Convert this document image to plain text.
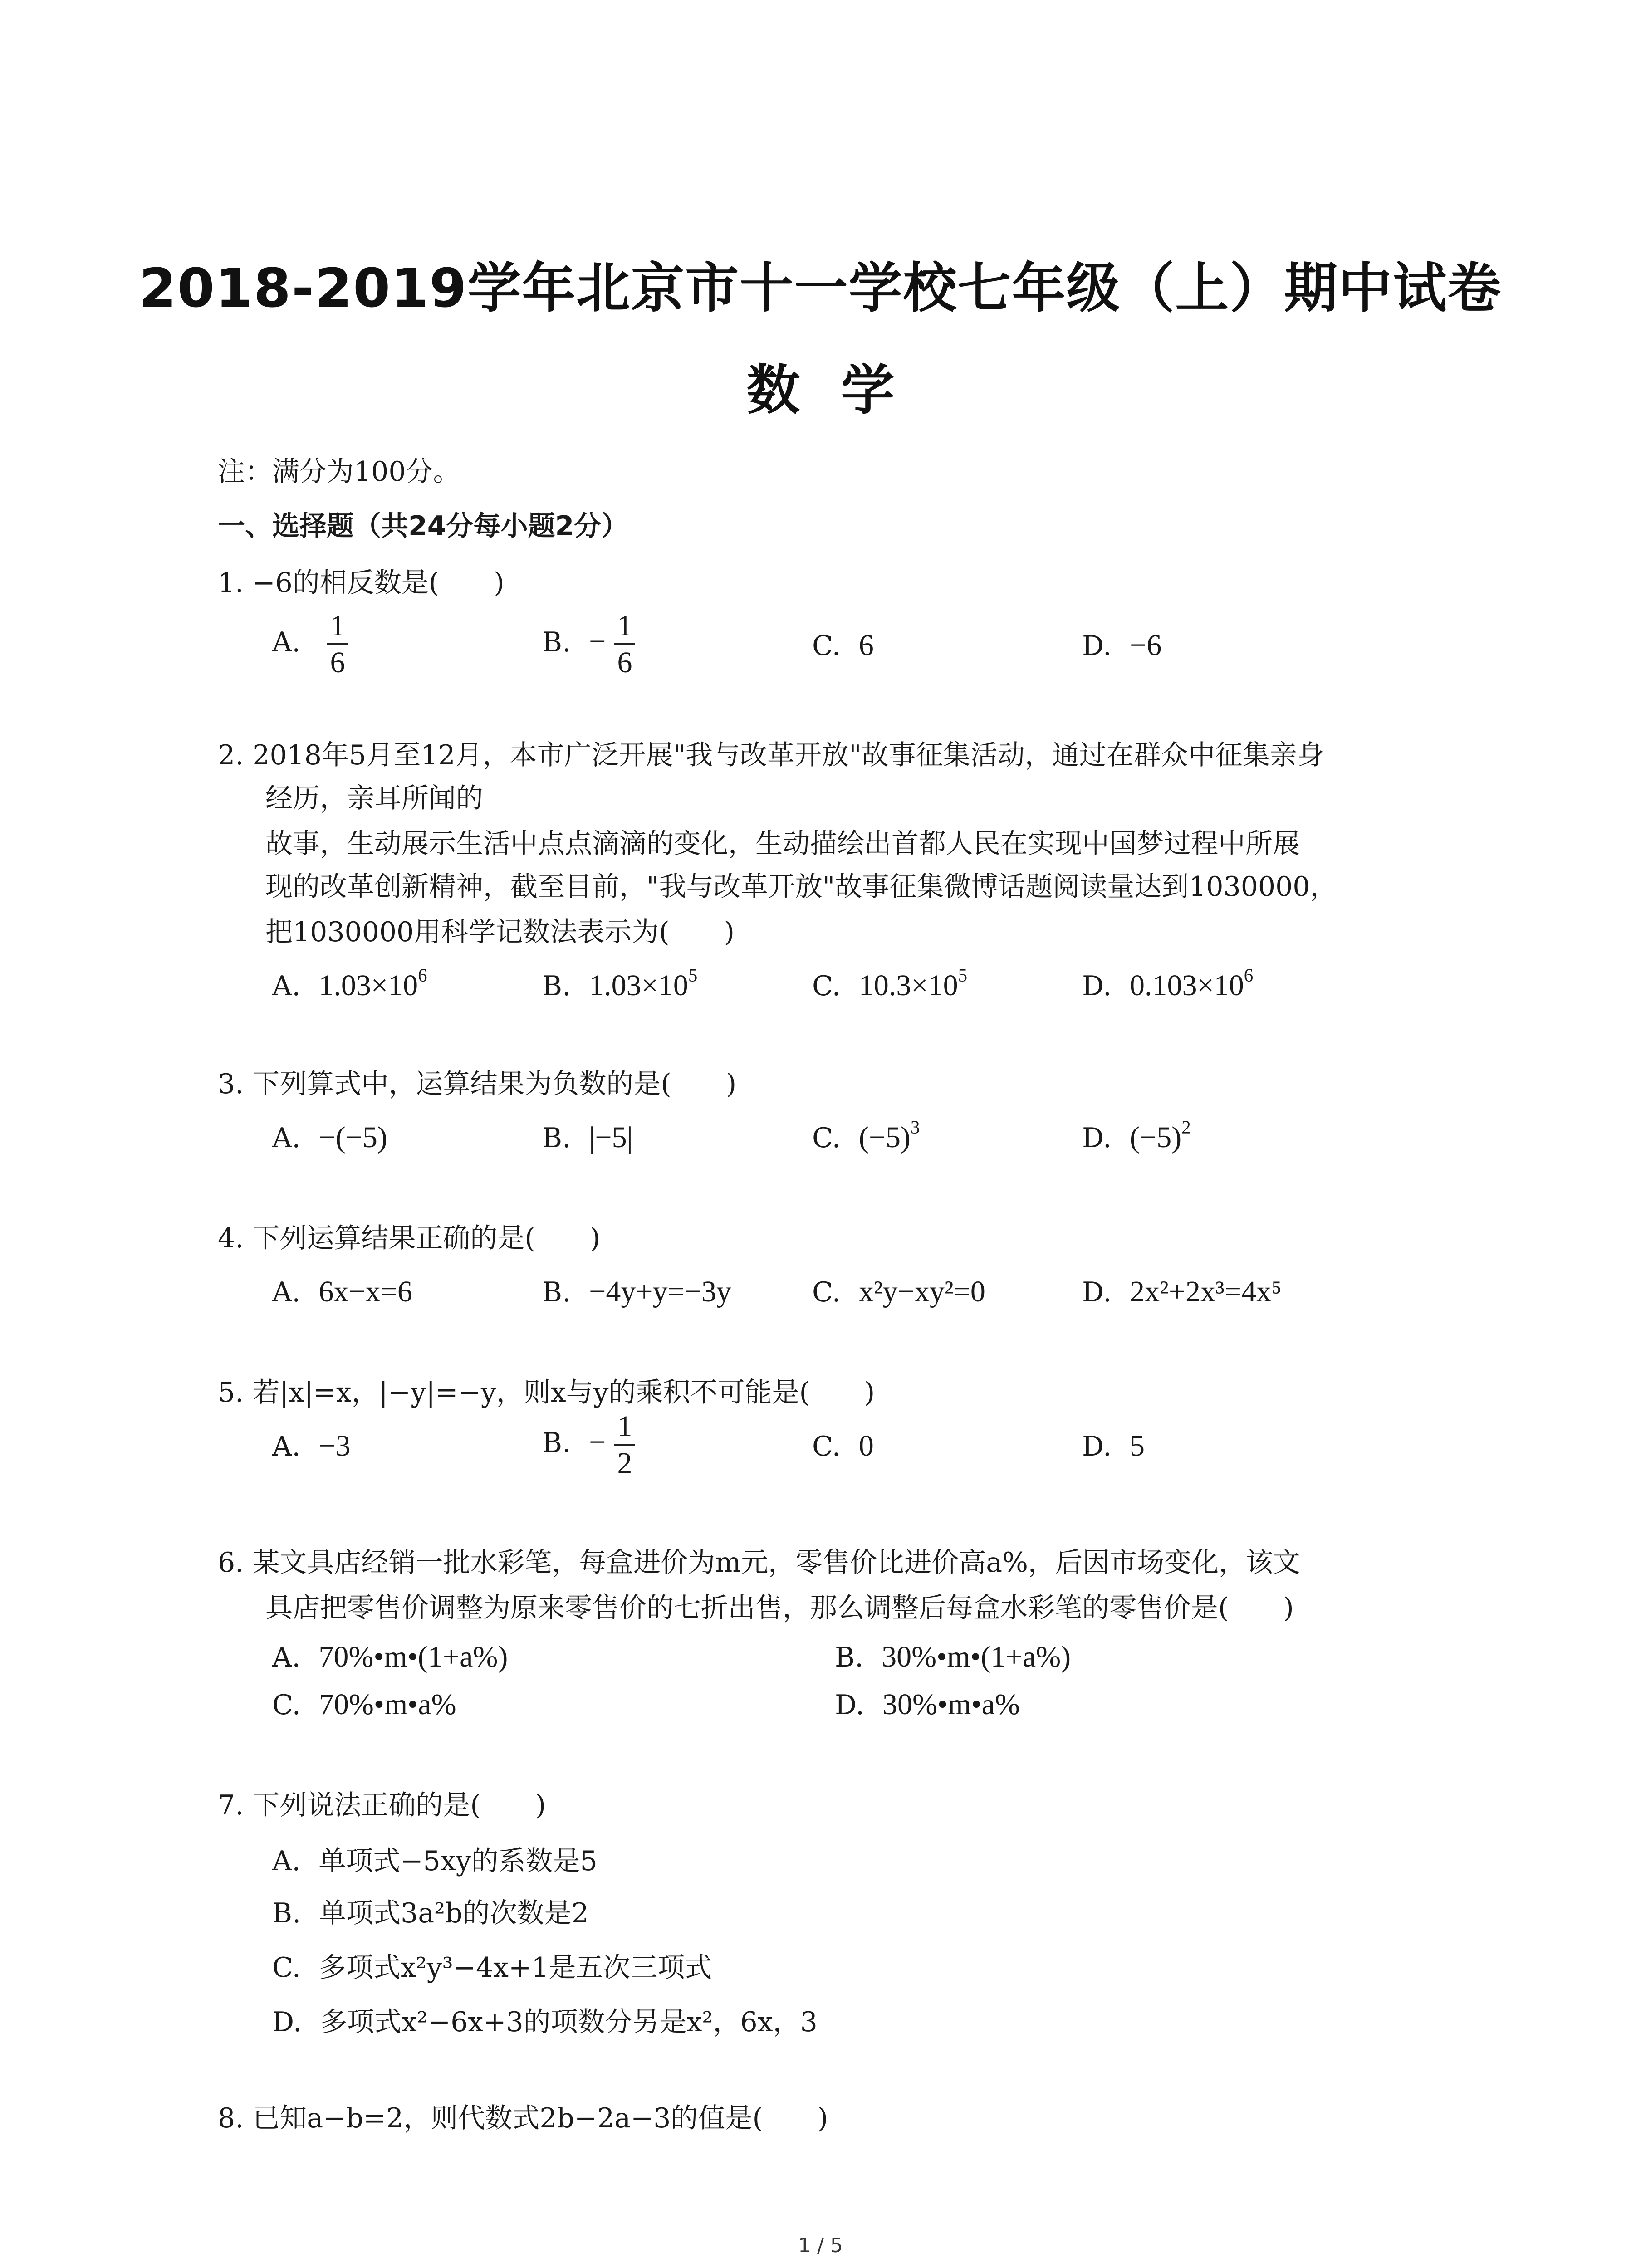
2018-2019学年北京市十一学校七年级（上）期中试卷
数学
注：满分为100分。
一、选择题（共24分每小题2分）
1. −6的相反数是( )
A. $\frac{1}{6}$	B. − $\frac{1}{6}$	C. 6	D. −6
2. 2018年5月至12月，本市广泛开展"我与改革开放"故事征集活动，通过在群众中征集亲身
经历，亲耳所闻的
故事，生动展示生活中点点滴滴的变化，生动描绘出首都人民在实现中国梦过程中所展
现的改革创新精神，截至目前，"我与改革开放"故事征集微博话题阅读量达到1030000，
把1030000用科学记数法表示为( )
A. $1.03\times 10^6$	B. $1.03\times 10^5$	C. $10.3\times 10^5$	D. $0.103\times 10^6$
3. 下列算式中，运算结果为负数的是( )
A. −(−5)	B. |−5|	C. $(-5)^3$	D. $(-5)^2$
4. 下列运算结果正确的是( )
A. 6x−x=6	B. −4y+y=−3y	C. x²y−xy²=0	D. 2x²+2x³=4x⁵
5. 若|x|=x，|−y|=−y，则x与y的乘积不可能是( )
A. −3	B. − $\frac{1}{2}$	C. 0	D. 5
6. 某文具店经销一批水彩笔，每盒进价为m元，零售价比进价高a%，后因市场变化，该文
具店把零售价调整为原来零售价的七折出售，那么调整后每盒水彩笔的零售价是( )
A. 70%•m•(1+a%)	B. 30%•m•(1+a%)
C. 70%•m•a%	D. 30%•m•a%
7. 下列说法正确的是( )
A. 单项式−5xy的系数是5
B. 单项式3a²b的次数是2
C. 多项式x²y³−4x+1是五次三项式
D. 多项式x²−6x+3的项数分另是x²，6x，3
8. 已知a−b=2，则代数式2b−2a−3的值是( )
1 / 5
